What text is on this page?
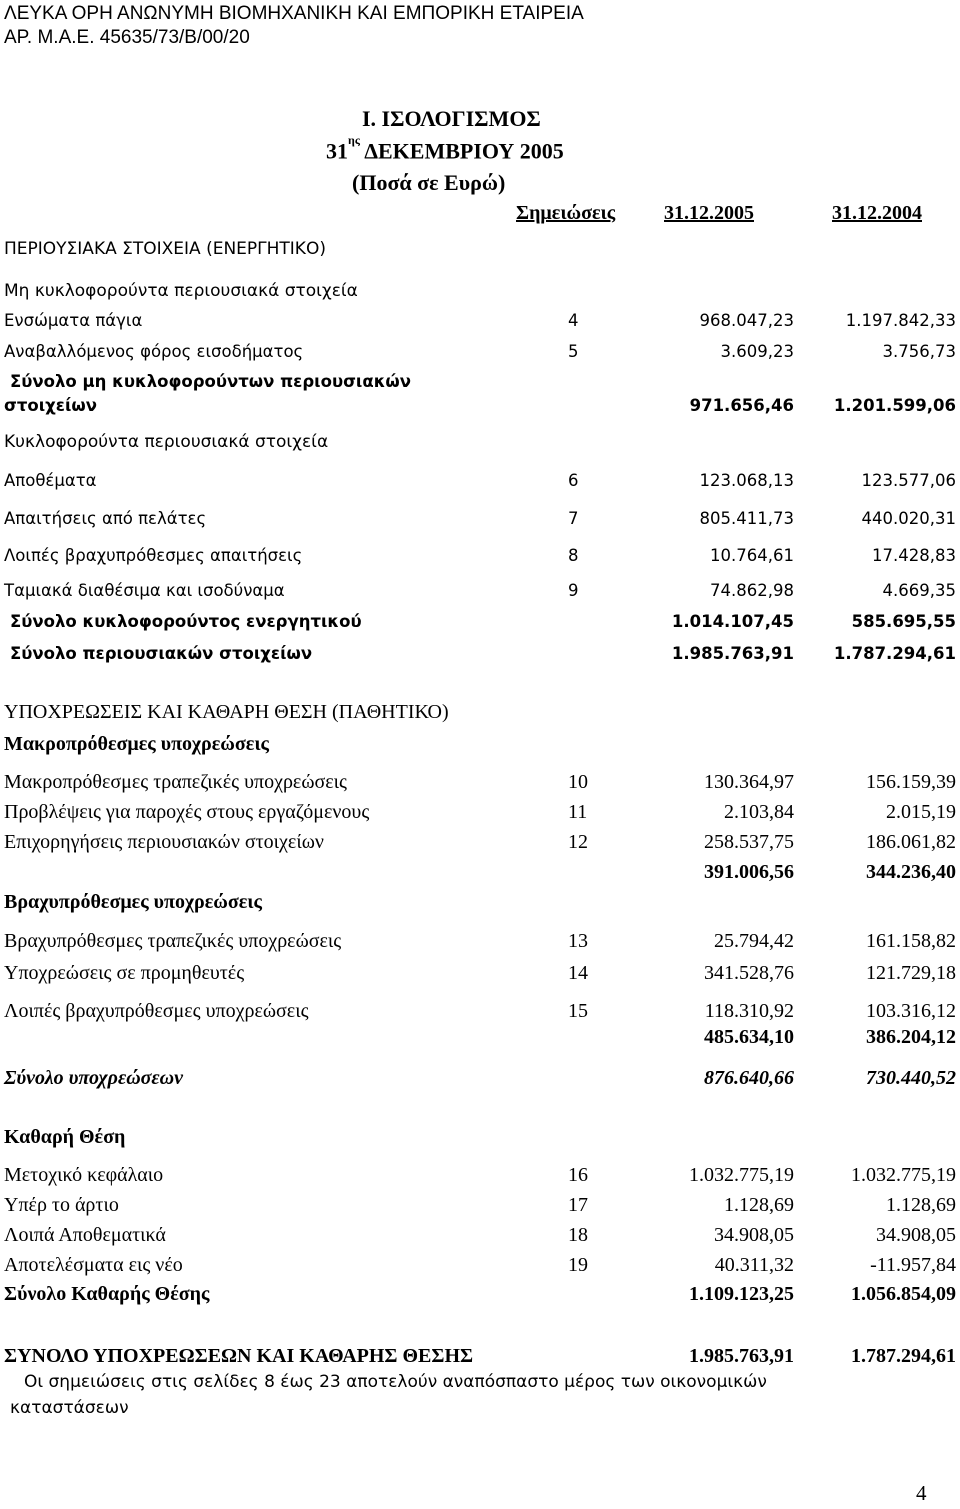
ΛΕΥΚΑ ΟΡΗ ΑΝΩΝΥΜΗ ΒΙΟΜΗΧΑΝΙΚΗ ΚΑΙ ΕΜΠΟΡΙΚΗ ΕΤΑΙΡΕΙΑ
ΑΡ. Μ.Α.Ε. 45635/73/Β/00/20
Ι. ΙΣΟΛΟΓΙΣΜΟΣ
$31^{\eta\varsigma}$ ΔΕΚΕΜΒΡΙΟΥ 2005
(Ποσά σε Ευρώ)
Σημειώσεις 31.12.2005	31.12.2004
ΠΕΡΙΟΥΣΙΑΚΑ ΣΤΟΙΧΕΙΑ (ΕΝΕΡΓΗΤΙΚΟ)
Μη κυκλοφορούντα περιουσιακά στοιχεία
Ενσώματα πάγια	4	968.047,23	1.197.842,33
Αναβαλλόμενος φόρος εισοδήματος	5	3.609,23	3.756,73
Σύνολο μη κυκλοφορούντων περιουσιακών
στοιχείων	971.656,46 1.201.599,06
Κυκλοφορούντα περιουσιακά στοιχεία
Αποθέματα	6	123.068,13	123.577,06
Απαιτήσεις από πελάτες	7	805.411,73	440.020,31
Λοιπές βραχυπρόθεσμες απαιτήσεις	8	10.764,61	17.428,83
Ταμιακά διαθέσιμα και ισοδύναμα	9	74.862,98	4.669,35
Σύνολο κυκλοφορούντος ενεργητικού	1.014.107,45	585.695,55
Σύνολο περιουσιακών στοιχείων	1.985.763,91 1.787.294,61
ΥΠΟΧΡΕΩΣΕΙΣ ΚΑΙ ΚΑΘΑΡΗ ΘΕΣΗ (ΠΑΘΗΤΙΚΟ)
Μακροπρόθεσμες υποχρεώσεις
Μακροπρόθεσμες τραπεζικές υποχρεώσεις	10	130.364,97	156.159,39
Προβλέψεις για παροχές στους εργαζόμενους	11	2.103,84	2.015,19
Επιχορηγήσεις περιουσιακών στοιχείων	12	258.537,75	186.061,82
391.006,56	344.236,40
Βραχυπρόθεσμες υποχρεώσεις
Βραχυπρόθεσμες τραπεζικές υποχρεώσεις	13	25.794,42	161.158,82
Υποχρεώσεις σε προμηθευτές	14	341.528,76	121.729,18
Λοιπές βραχυπρόθεσμες υποχρεώσεις	15	118.310,92	103.316,12
485.634,10	386.204,12
Σύνολο υποχρεώσεων	876.640,66	730.440,52
Καθαρή Θέση
Μετοχικό κεφάλαιο	16	1.032.775,19	1.032.775,19
Υπέρ το άρτιο	17	1.128,69	1.128,69
Λοιπά Αποθεματικά	18	34.908,05	34.908,05
Αποτελέσματα εις νέο	19	40.311,32	-11.957,84
Σύνολο Καθαρής Θέσης	1.109.123,25	1.056.854,09
ΣΥΝΟΛΟ ΥΠΟΧΡΕΩΣΕΩΝ ΚΑΙ ΚΑΘΑΡΗΣ ΘΕΣΗΣ	1.985.763,91	1.787.294,61
Οι σημειώσεις στις σελίδες 8 έως 23 αποτελούν αναπόσπαστο μέρος των οικονομικών
καταστάσεων
4
